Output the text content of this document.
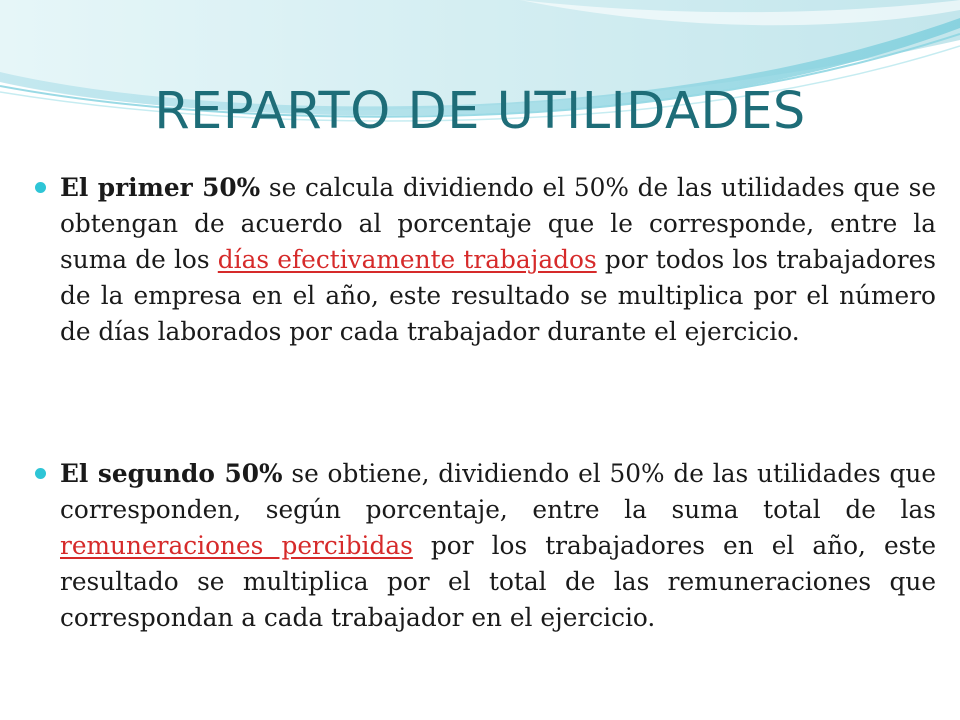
REPARTO DE UTILIDADES

El primer 50% se calcula dividiendo el 50% de las utilidades que se obtengan de acuerdo al porcentaje que le corresponde, entre la suma de los días efectivamente trabajados por todos los trabajadores de la empresa en el año, este resultado se multiplica por el número de días laborados por cada trabajador durante el ejercicio.

El segundo 50% se obtiene, dividiendo el 50% de las utilidades que corresponden, según porcentaje, entre la suma total de las remuneraciones percibidas por los trabajadores en el año, este resultado se multiplica por el total de las remuneraciones que correspondan a cada trabajador en el ejercicio.
